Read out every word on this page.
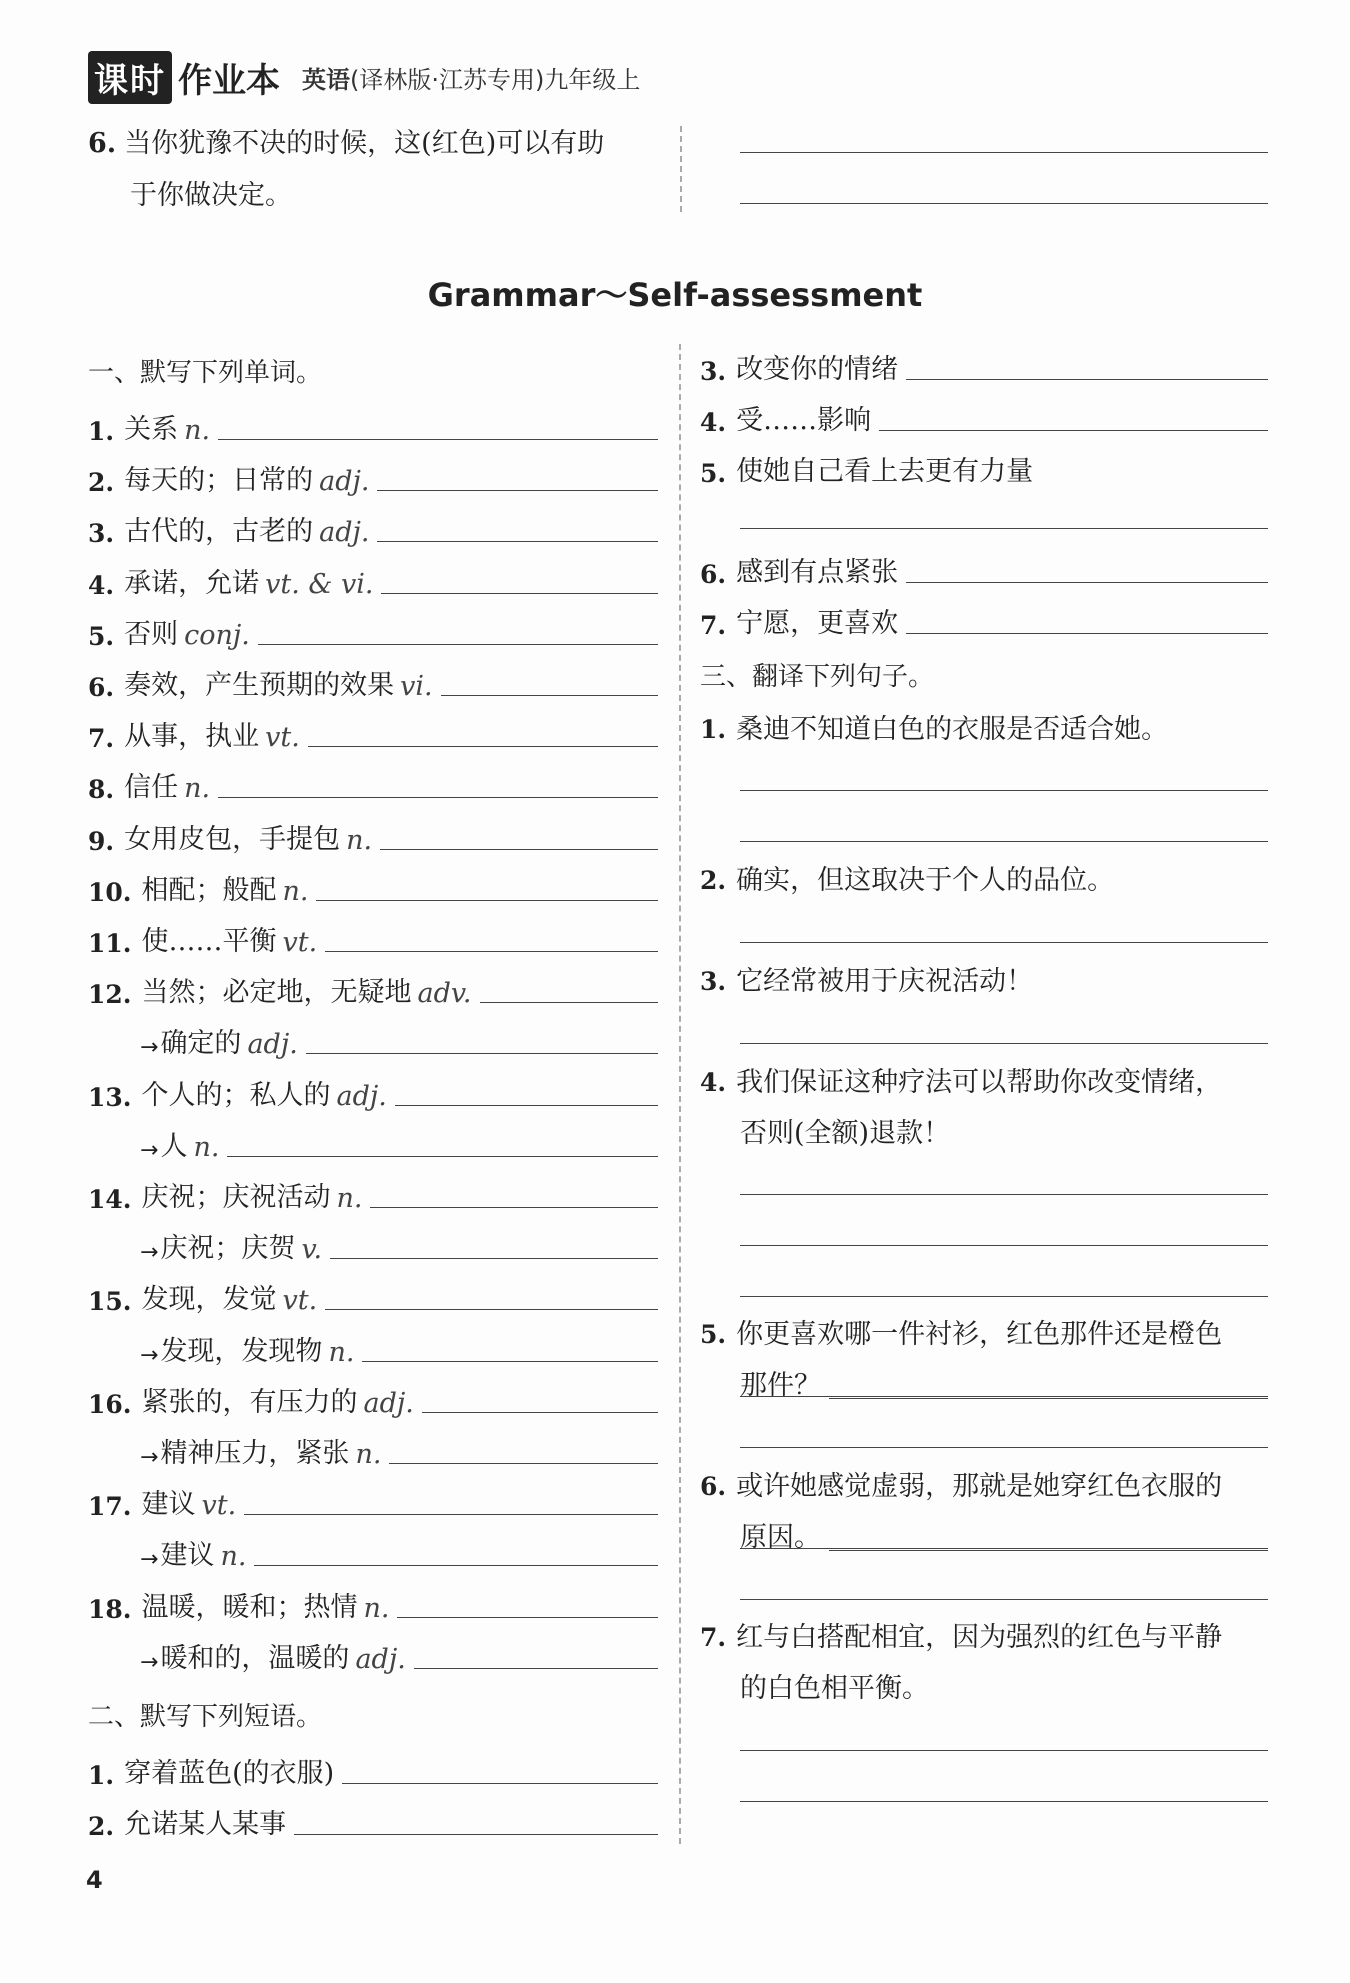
课时 作业本 英语(译林版·江苏专用)九年级上
6. 当你犹豫不决的时候，这(红色)可以有助
于你做决定。
Grammar～Self-assessment
一、默写下列单词。
1. 关系 n.
2. 每天的；日常的 adj.
3. 古代的，古老的 adj.
4. 承诺，允诺 vt. & vi.
5. 否则 conj.
6. 奏效，产生预期的效果 vi.
7. 从事，执业 vt.
8. 信任 n.
9. 女用皮包，手提包 n.
10. 相配；般配 n.
11. 使……平衡 vt.
12. 当然；必定地，无疑地 adv.
→ 确定的 adj.
13. 个人的；私人的 adj.
→ 人 n.
14. 庆祝；庆祝活动 n.
→ 庆祝；庆贺 v.
15. 发现，发觉 vt.
→ 发现，发现物 n.
16. 紧张的，有压力的 adj.
→ 精神压力，紧张 n.
17. 建议 vt.
→ 建议 n.
18. 温暖，暖和；热情 n.
→ 暖和的，温暖的 adj.
二、默写下列短语。
1. 穿着蓝色(的衣服)
2. 允诺某人某事
3. 改变你的情绪
4. 受……影响
5. 使她自己看上去更有力量
6. 感到有点紧张
7. 宁愿，更喜欢
三、翻译下列句子。
1. 桑迪不知道白色的衣服是否适合她。
2. 确实，但这取决于个人的品位。
3. 它经常被用于庆祝活动！
4. 我们保证这种疗法可以帮助你改变情绪，
否则(全额)退款！
5. 你更喜欢哪一件衬衫，红色那件还是橙色
那件？
6. 或许她感觉虚弱，那就是她穿红色衣服的
原因。
7. 红与白搭配相宜，因为强烈的红色与平静
的白色相平衡。
4
